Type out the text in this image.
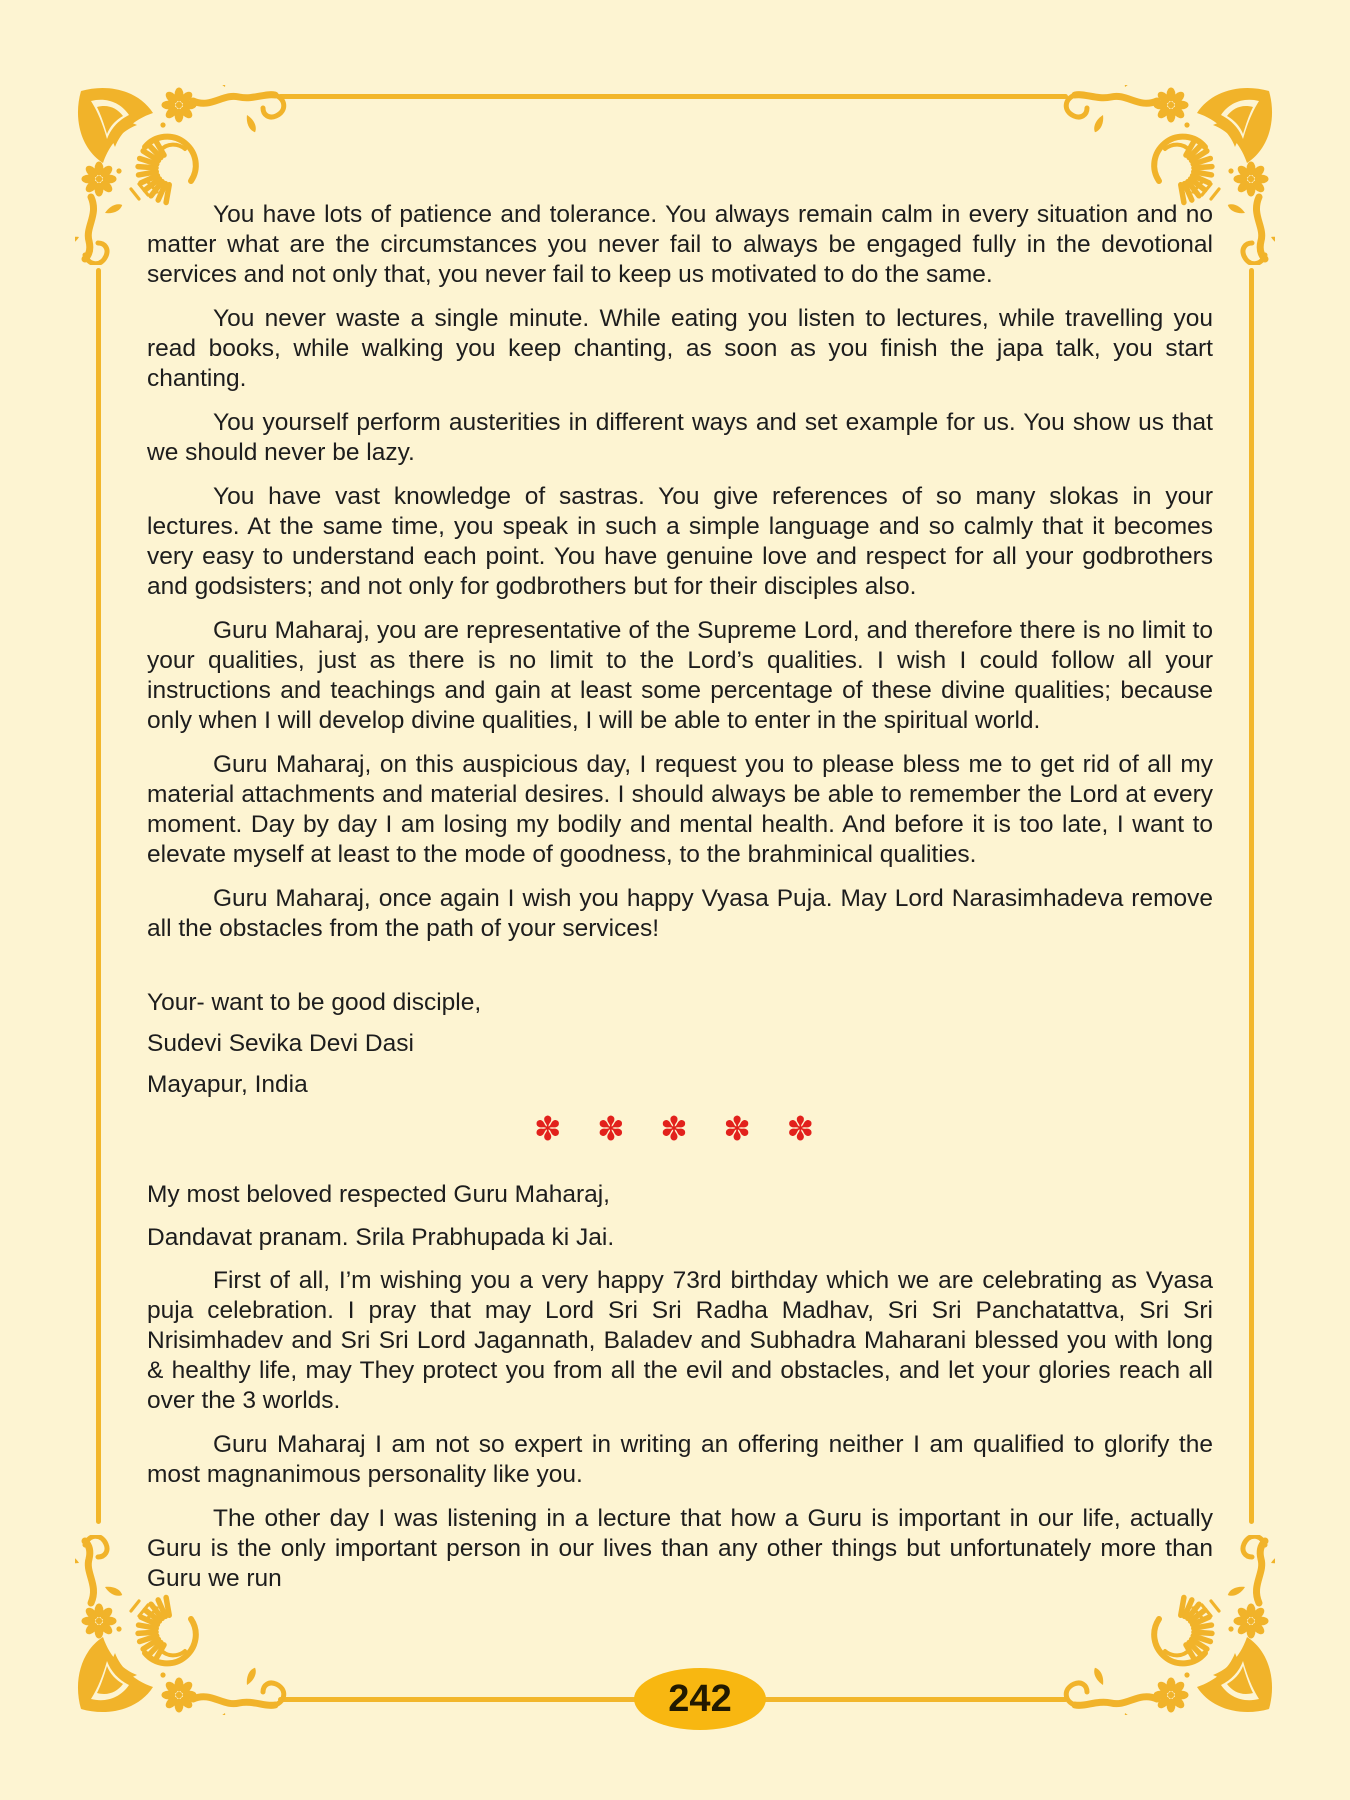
You have lots of patience and tolerance. You always remain calm in every situation and no matter what are the circumstances you never fail to always be engaged fully in the devotional services and not only that, you never fail to keep us motivated to do the same.

You never waste a single minute. While eating you listen to lectures, while travelling you read books, while walking you keep chanting, as soon as you finish the japa talk, you start chanting.

You yourself perform austerities in different ways and set example for us. You show us that we should never be lazy.

You have vast knowledge of sastras. You give references of so many slokas in your lectures. At the same time, you speak in such a simple language and so calmly that it becomes very easy to understand each point. You have genuine love and respect for all your godbrothers and godsisters; and not only for godbrothers but for their disciples also.

Guru Maharaj, you are representative of the Supreme Lord, and therefore there is no limit to your qualities, just as there is no limit to the Lord’s qualities. I wish I could follow all your instructions and teachings and gain at least some percentage of these divine qualities; because only when I will develop divine qualities, I will be able to enter in the spiritual world.

Guru Maharaj, on this auspicious day, I request you to please bless me to get rid of all my material attachments and material desires. I should always be able to remember the Lord at every moment. Day by day I am losing my bodily and mental health. And before it is too late, I want to elevate myself at least to the mode of goodness, to the brahminical qualities.

Guru Maharaj, once again I wish you happy Vyasa Puja. May Lord Narasimhadeva remove all the obstacles from the path of your services!

Your- want to be good disciple,

Sudevi Sevika Devi Dasi

Mayapur, India

✽ ✽ ✽ ✽ ✽

My most beloved respected Guru Maharaj,

Dandavat pranam. Srila Prabhupada ki Jai.

First of all, I’m wishing you a very happy 73rd birthday which we are celebrating as Vyasa puja celebration. I pray that may Lord Sri Sri Radha Madhav, Sri Sri Panchatattva, Sri Sri Nrisimhadev and Sri Sri Lord Jagannath, Baladev and Subhadra Maharani blessed you with long & healthy life, may They protect you from all the evil and obstacles, and let your glories reach all over the 3 worlds.

Guru Maharaj I am not so expert in writing an offering neither I am qualified to glorify the most magnanimous personality like you.

The other day I was listening in a lecture that how a Guru is important in our life, actually Guru is the only important person in our lives than any other things but unfortunately more than Guru we run

242
